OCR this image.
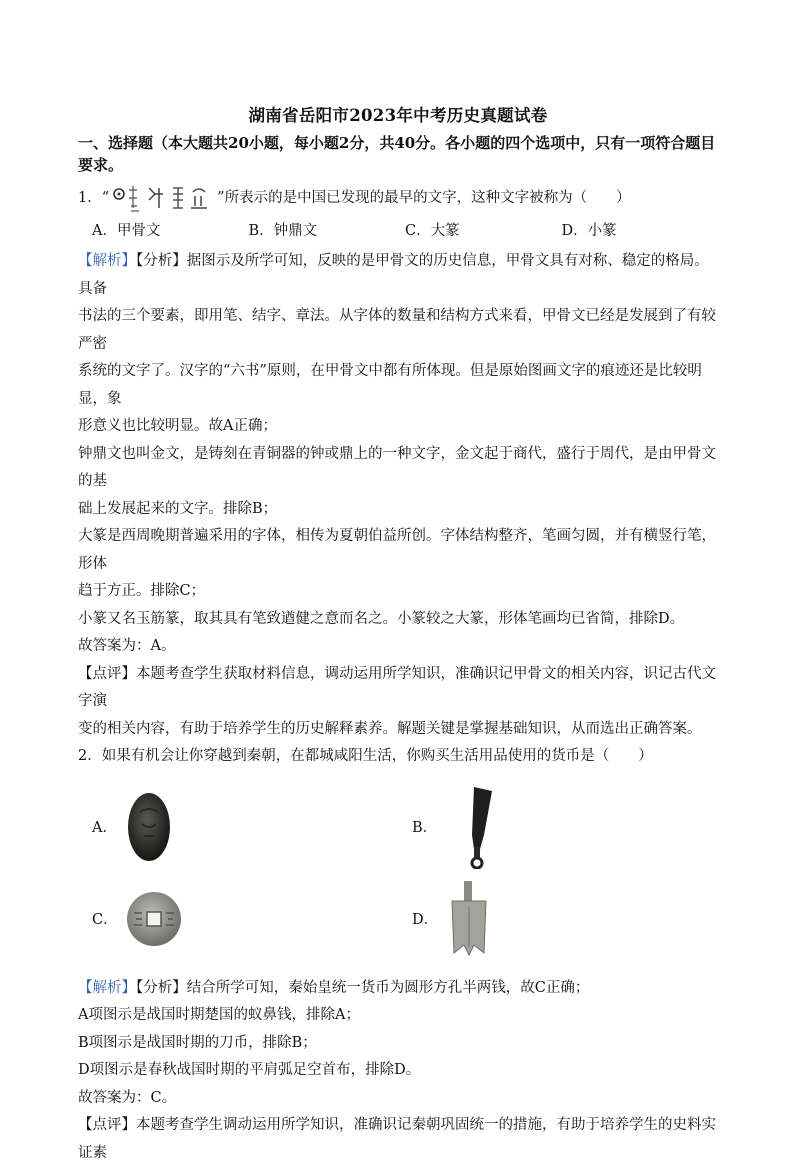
湖南省岳阳市2023年中考历史真题试卷
一、选择题（本大题共20小题，每小题2分，共40分。各小题的四个选项中，只有一项符合题目要求。
1．“	”所表示的是中国已发现的最早的文字，这种文字被称为（　　）
A．甲骨文	B．钟鼎文	C．大篆	D．小篆
【解析】【分析】据图示及所学可知，反映的是甲骨文的历史信息，甲骨文具有对称、稳定的格局。具备
书法的三个要素，即用笔、结字、章法。从字体的数量和结构方式来看，甲骨文已经是发展到了有较严密
系统的文字了。汉字的“六书”原则，在甲骨文中都有所体现。但是原始图画文字的痕迹还是比较明显，象
形意义也比较明显。故A正确；
钟鼎文也叫金文，是铸刻在青铜器的钟或鼎上的一种文字，金文起于商代，盛行于周代，是由甲骨文的基
础上发展起来的文字。排除B；
大篆是西周晚期普遍采用的字体，相传为夏朝伯益所创。字体结构整齐，笔画匀圆，并有横竖行笔，形体
趋于方正。排除C；
小篆又名玉筋篆，取其具有笔致遒健之意而名之。小篆较之大篆，形体笔画均已省简，排除D。
故答案为：A。
【点评】本题考查学生获取材料信息，调动运用所学知识，准确识记甲骨文的相关内容，识记古代文字演
变的相关内容，有助于培养学生的历史解释素养。解题关键是掌握基础知识，从而选出正确答案。
2．如果有机会让你穿越到秦朝，在都城咸阳生活，你购买生活用品使用的货币是（　　）
A．	B．
C．	D．
【解析】【分析】结合所学可知，秦始皇统一货币为圆形方孔半两钱，故C正确；
A项图示是战国时期楚国的蚁鼻钱，排除A；
B项图示是战国时期的刀币，排除B；
D项图示是春秋战国时期的平肩弧足空首布，排除D。
故答案为：C。
【点评】本题考查学生调动运用所学知识，准确识记秦朝巩固统一的措施，有助于培养学生的史料实证素
